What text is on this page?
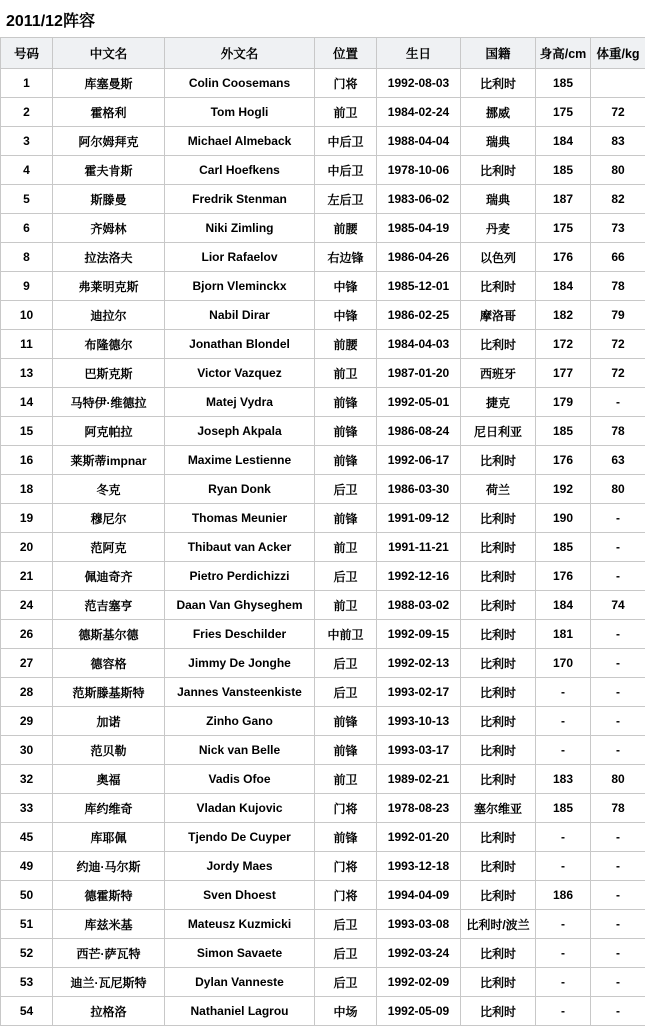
2011/12阵容
号码	中文名	外文名	位置	生日	国籍	身高/cm	体重/kg
1	库塞曼斯	Colin Coosemans	门将	1992-08-03	比利时	185	
2	霍格利	Tom Hogli	前卫	1984-02-24	挪威	175	72
3	阿尔姆拜克	Michael Almeback	中后卫	1988-04-04	瑞典	184	83
4	霍夫肯斯	Carl Hoefkens	中后卫	1978-10-06	比利时	185	80
5	斯滕曼	Fredrik Stenman	左后卫	1983-06-02	瑞典	187	82
6	齐姆林	Niki Zimling	前腰	1985-04-19	丹麦	175	73
8	拉法洛夫	Lior Rafaelov	右边锋	1986-04-26	以色列	176	66
9	弗莱明克斯	Bjorn Vleminckx	中锋	1985-12-01	比利时	184	78
10	迪拉尔	Nabil Dirar	中锋	1986-02-25	摩洛哥	182	79
11	布隆德尔	Jonathan Blondel	前腰	1984-04-03	比利时	172	72
13	巴斯克斯	Victor Vazquez	前卫	1987-01-20	西班牙	177	72
14	马特伊·维德拉	Matej Vydra	前锋	1992-05-01	捷克	179	-
15	阿克帕拉	Joseph Akpala	前锋	1986-08-24	尼日利亚	185	78
16	莱斯蒂impnar	Maxime Lestienne	前锋	1992-06-17	比利时	176	63
18	冬克	Ryan Donk	后卫	1986-03-30	荷兰	192	80
19	穆尼尔	Thomas Meunier	前锋	1991-09-12	比利时	190	-
20	范阿克	Thibaut van Acker	前卫	1991-11-21	比利时	185	-
21	佩迪奇齐	Pietro Perdichizzi	后卫	1992-12-16	比利时	176	-
24	范吉塞亨	Daan Van Ghyseghem	前卫	1988-03-02	比利时	184	74
26	德斯基尔德	Fries Deschilder	中前卫	1992-09-15	比利时	181	-
27	德容格	Jimmy De Jonghe	后卫	1992-02-13	比利时	170	-
28	范斯滕基斯特	Jannes Vansteenkiste	后卫	1993-02-17	比利时	-	-
29	加诺	Zinho Gano	前锋	1993-10-13	比利时	-	-
30	范贝勒	Nick van Belle	前锋	1993-03-17	比利时	-	-
32	奥福	Vadis Ofoe	前卫	1989-02-21	比利时	183	80
33	库约维奇	Vladan Kujovic	门将	1978-08-23	塞尔维亚	185	78
45	库耶佩	Tjendo De Cuyper	前锋	1992-01-20	比利时	-	-
49	约迪·马尔斯	Jordy Maes	门将	1993-12-18	比利时	-	-
50	德霍斯特	Sven Dhoest	门将	1994-04-09	比利时	186	-
51	库兹米基	Mateusz Kuzmicki	后卫	1993-03-08	比利时/波兰	-	-
52	西芒·萨瓦特	Simon Savaete	后卫	1992-03-24	比利时	-	-
53	迪兰·瓦尼斯特	Dylan Vanneste	后卫	1992-02-09	比利时	-	-
54	拉格洛	Nathaniel Lagrou	中场	1992-05-09	比利时	-	-
